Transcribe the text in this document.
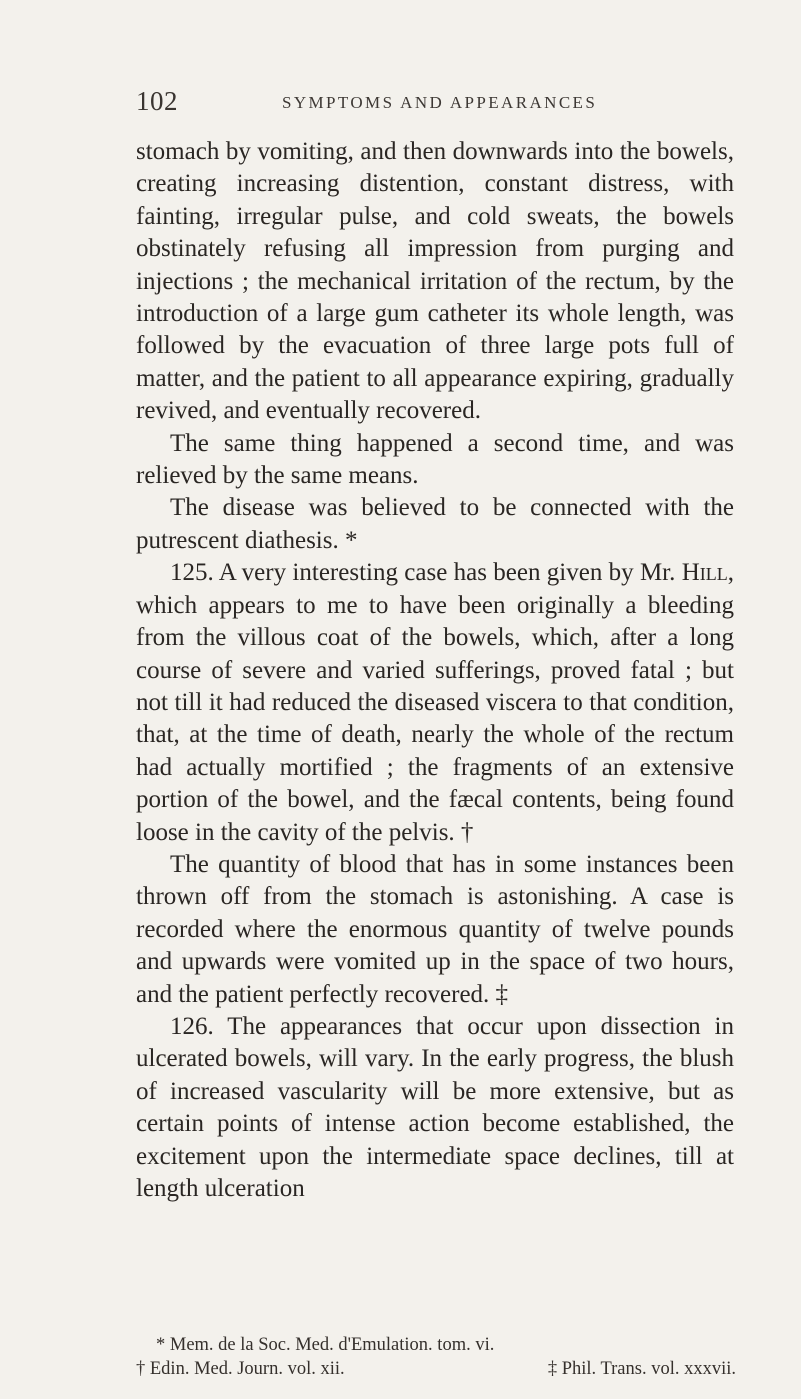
102	SYMPTOMS AND APPEARANCES

stomach by vomiting, and then downwards into the bowels, creating increasing distention, constant distress, with fainting, irregular pulse, and cold sweats, the bowels obstinately refusing all impression from purging and injections ; the mechanical irritation of the rectum, by the introduction of a large gum catheter its whole length, was followed by the evacuation of three large pots full of matter, and the patient to all appearance expiring, gradually revived, and eventually recovered.

The same thing happened a second time, and was relieved by the same means.

The disease was believed to be connected with the putrescent diathesis. *

125. A very interesting case has been given by Mr. Hill, which appears to me to have been originally a bleeding from the villous coat of the bowels, which, after a long course of severe and varied sufferings, proved fatal ; but not till it had reduced the diseased viscera to that condition, that, at the time of death, nearly the whole of the rectum had actually mortified ; the fragments of an extensive portion of the bowel, and the fæcal contents, being found loose in the cavity of the pelvis. †

The quantity of blood that has in some instances been thrown off from the stomach is astonishing. A case is recorded where the enormous quantity of twelve pounds and upwards were vomited up in the space of two hours, and the patient perfectly recovered. ‡

126. The appearances that occur upon dissection in ulcerated bowels, will vary. In the early progress, the blush of increased vascularity will be more extensive, but as certain points of intense action become established, the excitement upon the intermediate space declines, till at length ulceration

* Mem. de la Soc. Med. d'Emulation. tom. vi.
† Edin. Med. Journ. vol. xii.	‡ Phil. Trans. vol. xxxvii.
